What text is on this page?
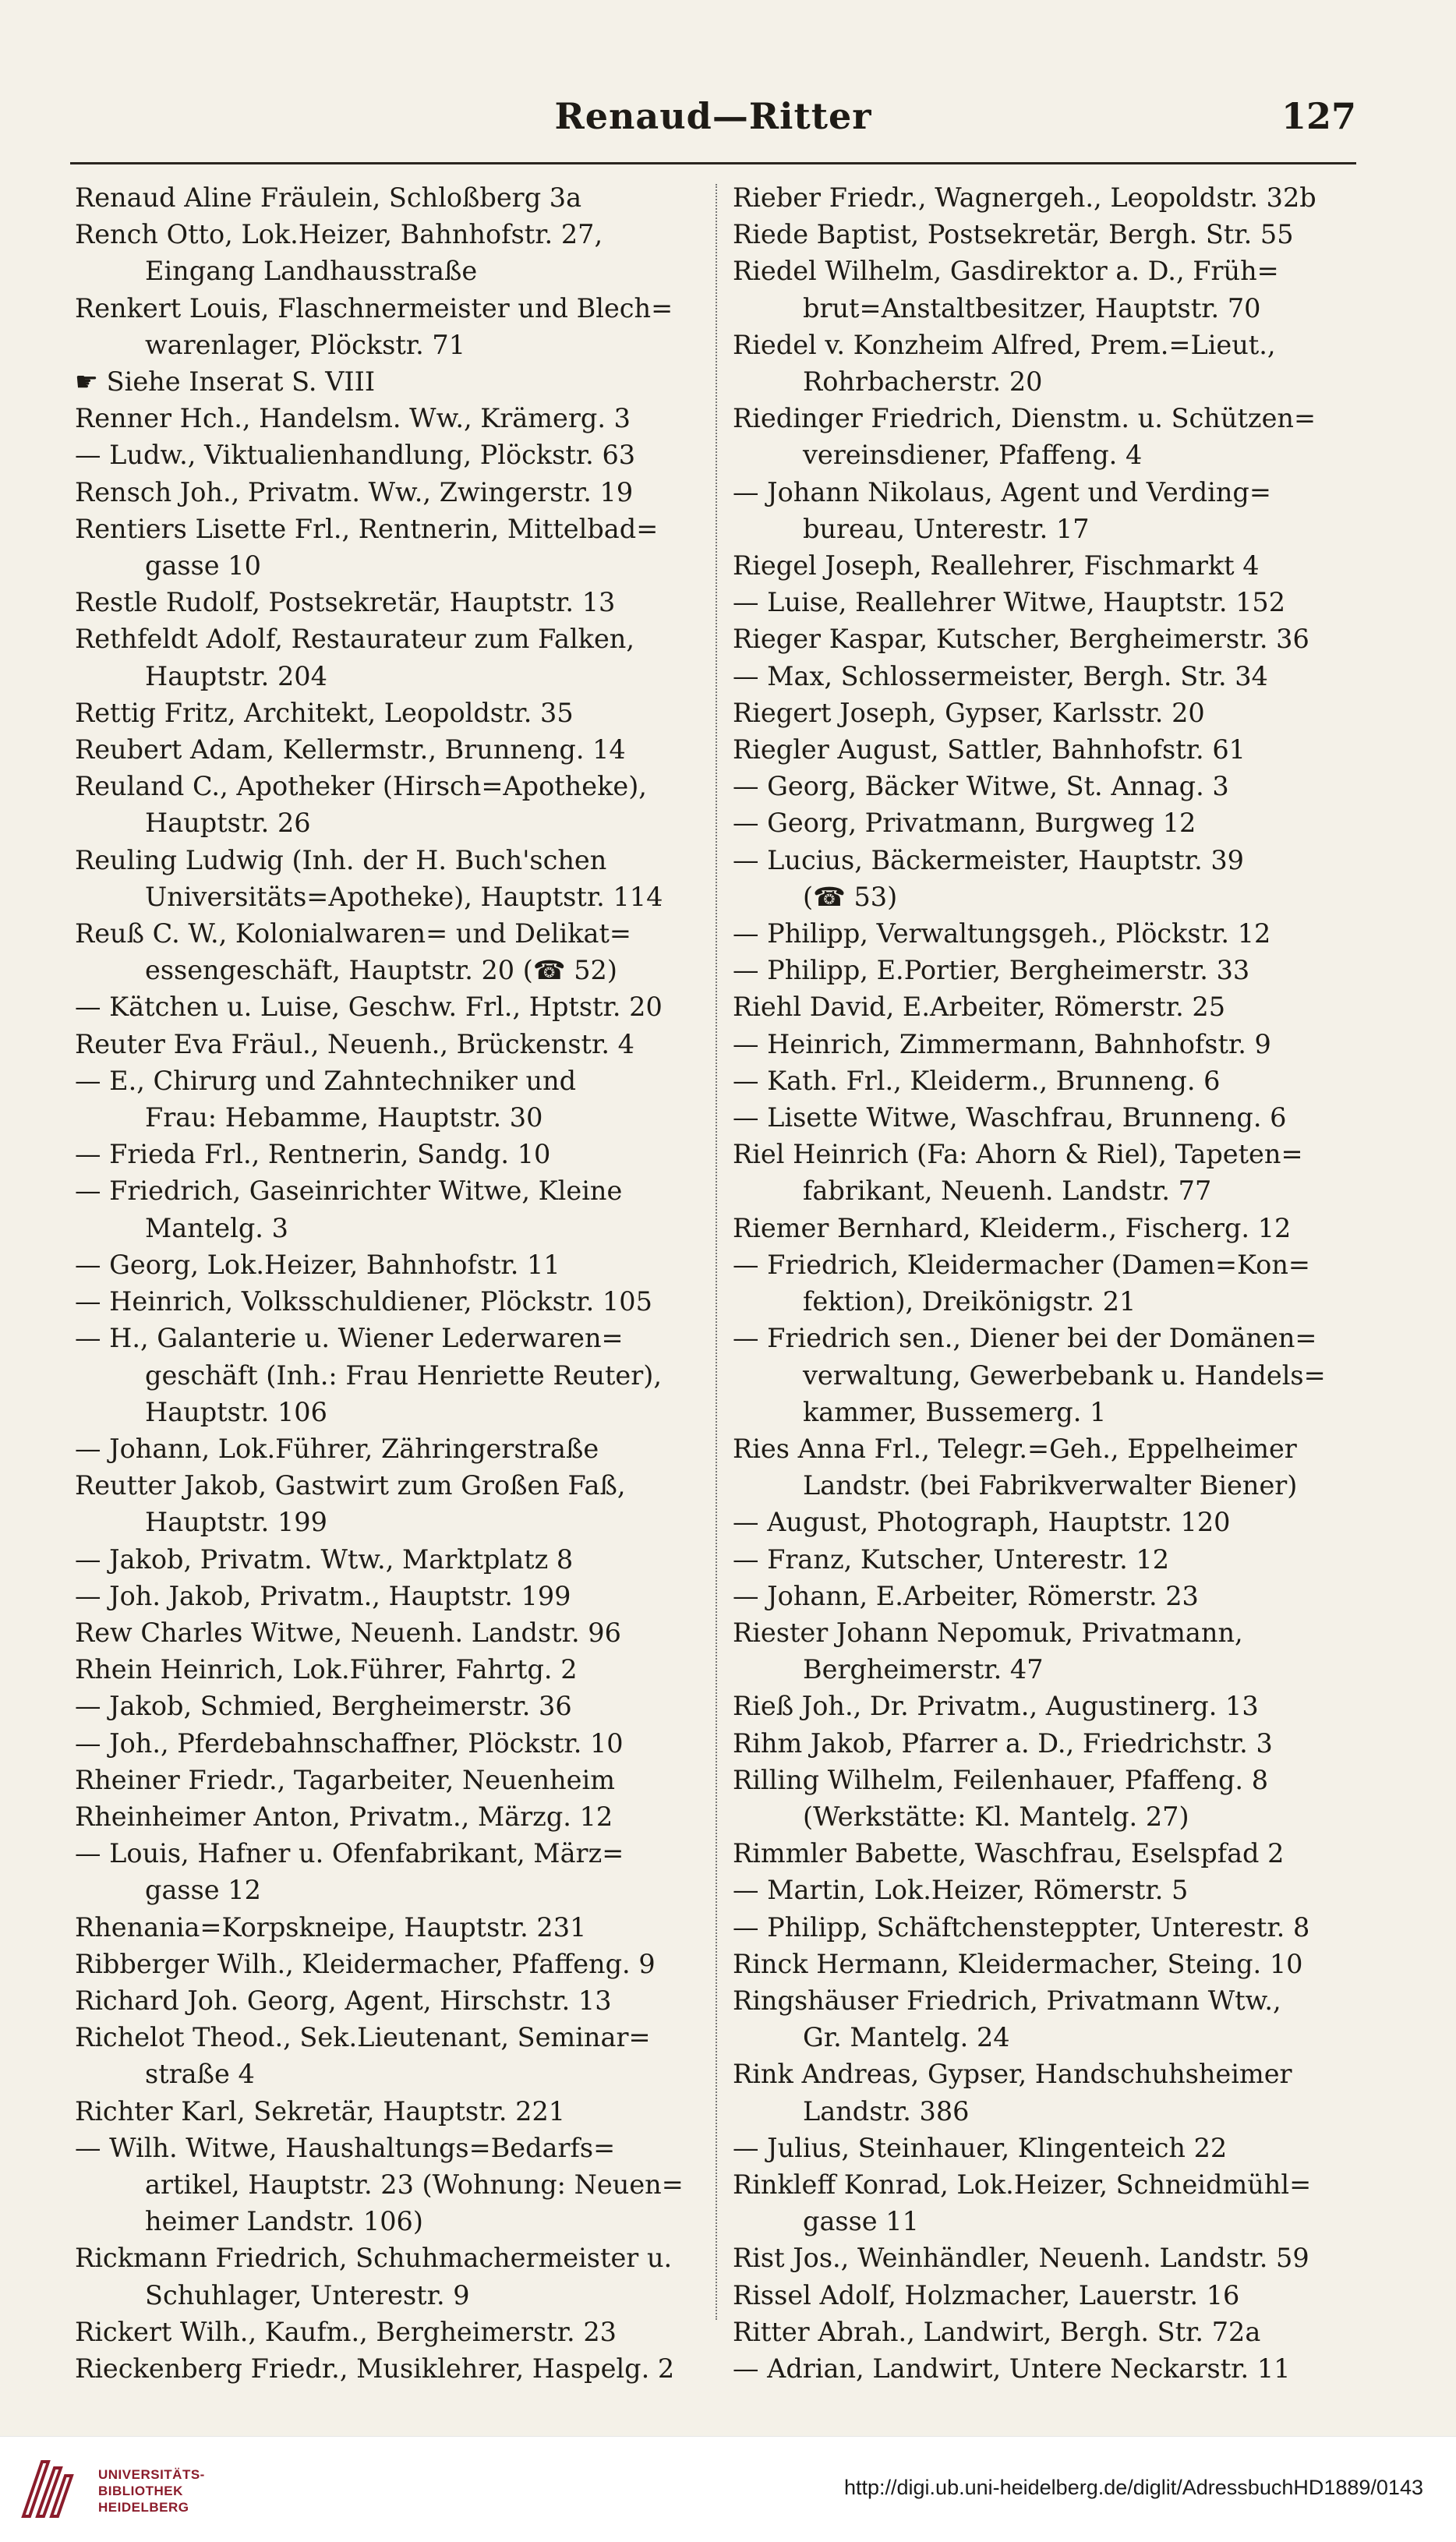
Renaud—Ritter	127
Renaud Aline Fräulein, Schloßberg 3a
Rench Otto, Lok.Heizer, Bahnhofstr. 27,
Eingang Landhausstraße
Renkert Louis, Flaschnermeister und Blech=
warenlager, Plöckstr. 71
☛ Siehe Inserat S. VIII
Renner Hch., Handelsm. Ww., Krämerg. 3
— Ludw., Viktualienhandlung, Plöckstr. 63
Rensch Joh., Privatm. Ww., Zwingerstr. 19
Rentiers Lisette Frl., Rentnerin, Mittelbad=
gasse 10
Restle Rudolf, Postsekretär, Hauptstr. 13
Rethfeldt Adolf, Restaurateur zum Falken,
Hauptstr. 204
Rettig Fritz, Architekt, Leopoldstr. 35
Reubert Adam, Kellermstr., Brunneng. 14
Reuland C., Apotheker (Hirsch=Apotheke),
Hauptstr. 26
Reuling Ludwig (Inh. der H. Buch'schen
Universitäts=Apotheke), Hauptstr. 114
Reuß C. W., Kolonialwaren= und Delikat=
essengeschäft, Hauptstr. 20 (☎ 52)
— Kätchen u. Luise, Geschw. Frl., Hptstr. 20
Reuter Eva Fräul., Neuenh., Brückenstr. 4
— E., Chirurg und Zahntechniker und
Frau: Hebamme, Hauptstr. 30
— Frieda Frl., Rentnerin, Sandg. 10
— Friedrich, Gaseinrichter Witwe, Kleine
Mantelg. 3
— Georg, Lok.Heizer, Bahnhofstr. 11
— Heinrich, Volksschuldiener, Plöckstr. 105
— H., Galanterie u. Wiener Lederwaren=
geschäft (Inh.: Frau Henriette Reuter),
Hauptstr. 106
— Johann, Lok.Führer, Zähringerstraße
Reutter Jakob, Gastwirt zum Großen Faß,
Hauptstr. 199
— Jakob, Privatm. Wtw., Marktplatz 8
— Joh. Jakob, Privatm., Hauptstr. 199
Rew Charles Witwe, Neuenh. Landstr. 96
Rhein Heinrich, Lok.Führer, Fahrtg. 2
— Jakob, Schmied, Bergheimerstr. 36
— Joh., Pferdebahnschaffner, Plöckstr. 10
Rheiner Friedr., Tagarbeiter, Neuenheim
Rheinheimer Anton, Privatm., Märzg. 12
— Louis, Hafner u. Ofenfabrikant, März=
gasse 12
Rhenania=Korpskneipe, Hauptstr. 231
Ribberger Wilh., Kleidermacher, Pfaffeng. 9
Richard Joh. Georg, Agent, Hirschstr. 13
Richelot Theod., Sek.Lieutenant, Seminar=
straße 4
Richter Karl, Sekretär, Hauptstr. 221
— Wilh. Witwe, Haushaltungs=Bedarfs=
artikel, Hauptstr. 23 (Wohnung: Neuen=
heimer Landstr. 106)
Rickmann Friedrich, Schuhmachermeister u.
Schuhlager, Unterestr. 9
Rickert Wilh., Kaufm., Bergheimerstr. 23
Rieckenberg Friedr., Musiklehrer, Haspelg. 2
Rieber Friedr., Wagnergeh., Leopoldstr. 32b
Riede Baptist, Postsekretär, Bergh. Str. 55
Riedel Wilhelm, Gasdirektor a. D., Früh=
brut=Anstaltbesitzer, Hauptstr. 70
Riedel v. Konzheim Alfred, Prem.=Lieut.,
Rohrbacherstr. 20
Riedinger Friedrich, Dienstm. u. Schützen=
vereinsdiener, Pfaffeng. 4
— Johann Nikolaus, Agent und Verding=
bureau, Unterestr. 17
Riegel Joseph, Reallehrer, Fischmarkt 4
— Luise, Reallehrer Witwe, Hauptstr. 152
Rieger Kaspar, Kutscher, Bergheimerstr. 36
— Max, Schlossermeister, Bergh. Str. 34
Riegert Joseph, Gypser, Karlsstr. 20
Riegler August, Sattler, Bahnhofstr. 61
— Georg, Bäcker Witwe, St. Annag. 3
— Georg, Privatmann, Burgweg 12
— Lucius, Bäckermeister, Hauptstr. 39
(☎ 53)
— Philipp, Verwaltungsgeh., Plöckstr. 12
— Philipp, E.Portier, Bergheimerstr. 33
Riehl David, E.Arbeiter, Römerstr. 25
— Heinrich, Zimmermann, Bahnhofstr. 9
— Kath. Frl., Kleiderm., Brunneng. 6
— Lisette Witwe, Waschfrau, Brunneng. 6
Riel Heinrich (Fa: Ahorn & Riel), Tapeten=
fabrikant, Neuenh. Landstr. 77
Riemer Bernhard, Kleiderm., Fischerg. 12
— Friedrich, Kleidermacher (Damen=Kon=
fektion), Dreikönigstr. 21
— Friedrich sen., Diener bei der Domänen=
verwaltung, Gewerbebank u. Handels=
kammer, Bussemerg. 1
Ries Anna Frl., Telegr.=Geh., Eppelheimer
Landstr. (bei Fabrikverwalter Biener)
— August, Photograph, Hauptstr. 120
— Franz, Kutscher, Unterestr. 12
— Johann, E.Arbeiter, Römerstr. 23
Riester Johann Nepomuk, Privatmann,
Bergheimerstr. 47
Rieß Joh., Dr. Privatm., Augustinerg. 13
Rihm Jakob, Pfarrer a. D., Friedrichstr. 3
Rilling Wilhelm, Feilenhauer, Pfaffeng. 8
(Werkstätte: Kl. Mantelg. 27)
Rimmler Babette, Waschfrau, Eselspfad 2
— Martin, Lok.Heizer, Römerstr. 5
— Philipp, Schäftchensteppter, Unterestr. 8
Rinck Hermann, Kleidermacher, Steing. 10
Ringshäuser Friedrich, Privatmann Wtw.,
Gr. Mantelg. 24
Rink Andreas, Gypser, Handschuhsheimer
Landstr. 386
— Julius, Steinhauer, Klingenteich 22
Rinkleff Konrad, Lok.Heizer, Schneidmühl=
gasse 11
Rist Jos., Weinhändler, Neuenh. Landstr. 59
Rissel Adolf, Holzmacher, Lauerstr. 16
Ritter Abrah., Landwirt, Bergh. Str. 72a
— Adrian, Landwirt, Untere Neckarstr. 11
UNIVERSITÄTS-
BIBLIOTHEK
HEIDELBERG
http://digi.ub.uni-heidelberg.de/diglit/AdressbuchHD1889/0143
